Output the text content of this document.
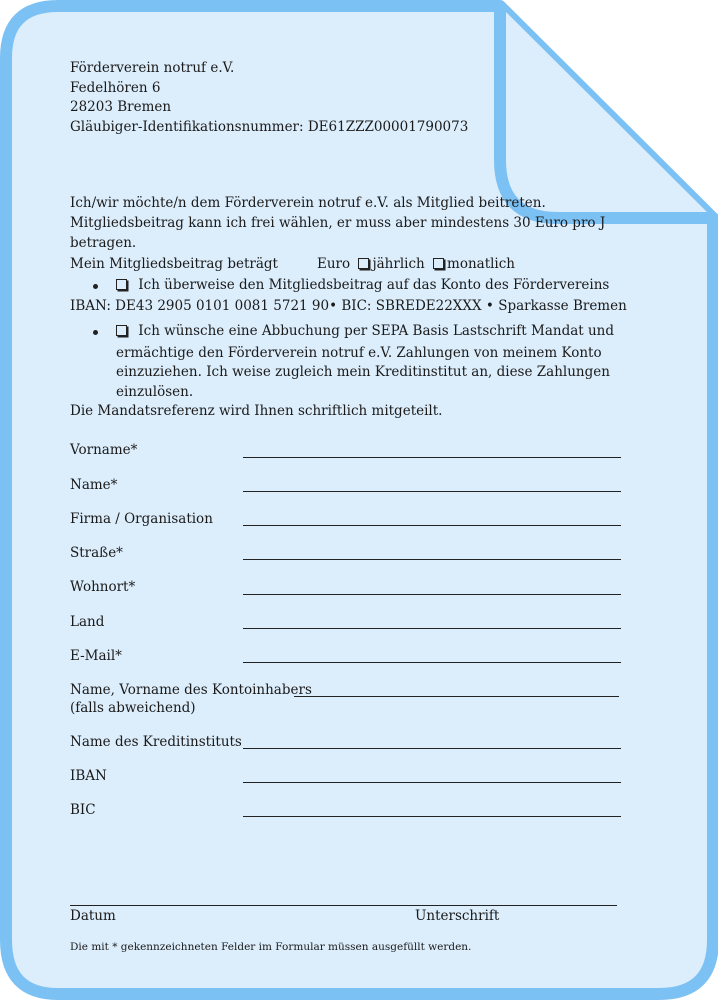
Förderverein notruf e.V.
Fedelhören 6
28203 Bremen
Gläubiger-Identifikationsnummer: DE61ZZZ00001790073
Ich/wir möchte/n dem Förderverein notruf e.V. als Mitglied beitreten.
Mitgliedsbeitrag kann ich frei wählen, er muss aber mindestens 30 Euro pro J
betragen.
Mein Mitgliedsbeitrag beträgt	Euro jährlich monatlich
Ich überweise den Mitgliedsbeitrag auf das Konto des Fördervereins
IBAN: DE43 2905 0101 0081 5721 90• BIC: SBREDE22XXX • Sparkasse Bremen
Ich wünsche eine Abbuchung per SEPA Basis Lastschrift Mandat und
ermächtige den Förderverein notruf e.V. Zahlungen von meinem Konto
einzuziehen. Ich weise zugleich mein Kreditinstitut an, diese Zahlungen
einzulösen.
Die Mandatsreferenz wird Ihnen schriftlich mitgeteilt.
Vorname*
Name*
Firma / Organisation
Straße*
Wohnort*
Land
E-Mail*
Name, Vorname des Kontoinhabers
(falls abweichend)
Name des Kreditinstituts
IBAN
BIC
Datum	Unterschrift
Die mit * gekennzeichneten Felder im Formular müssen ausgefüllt werden.
